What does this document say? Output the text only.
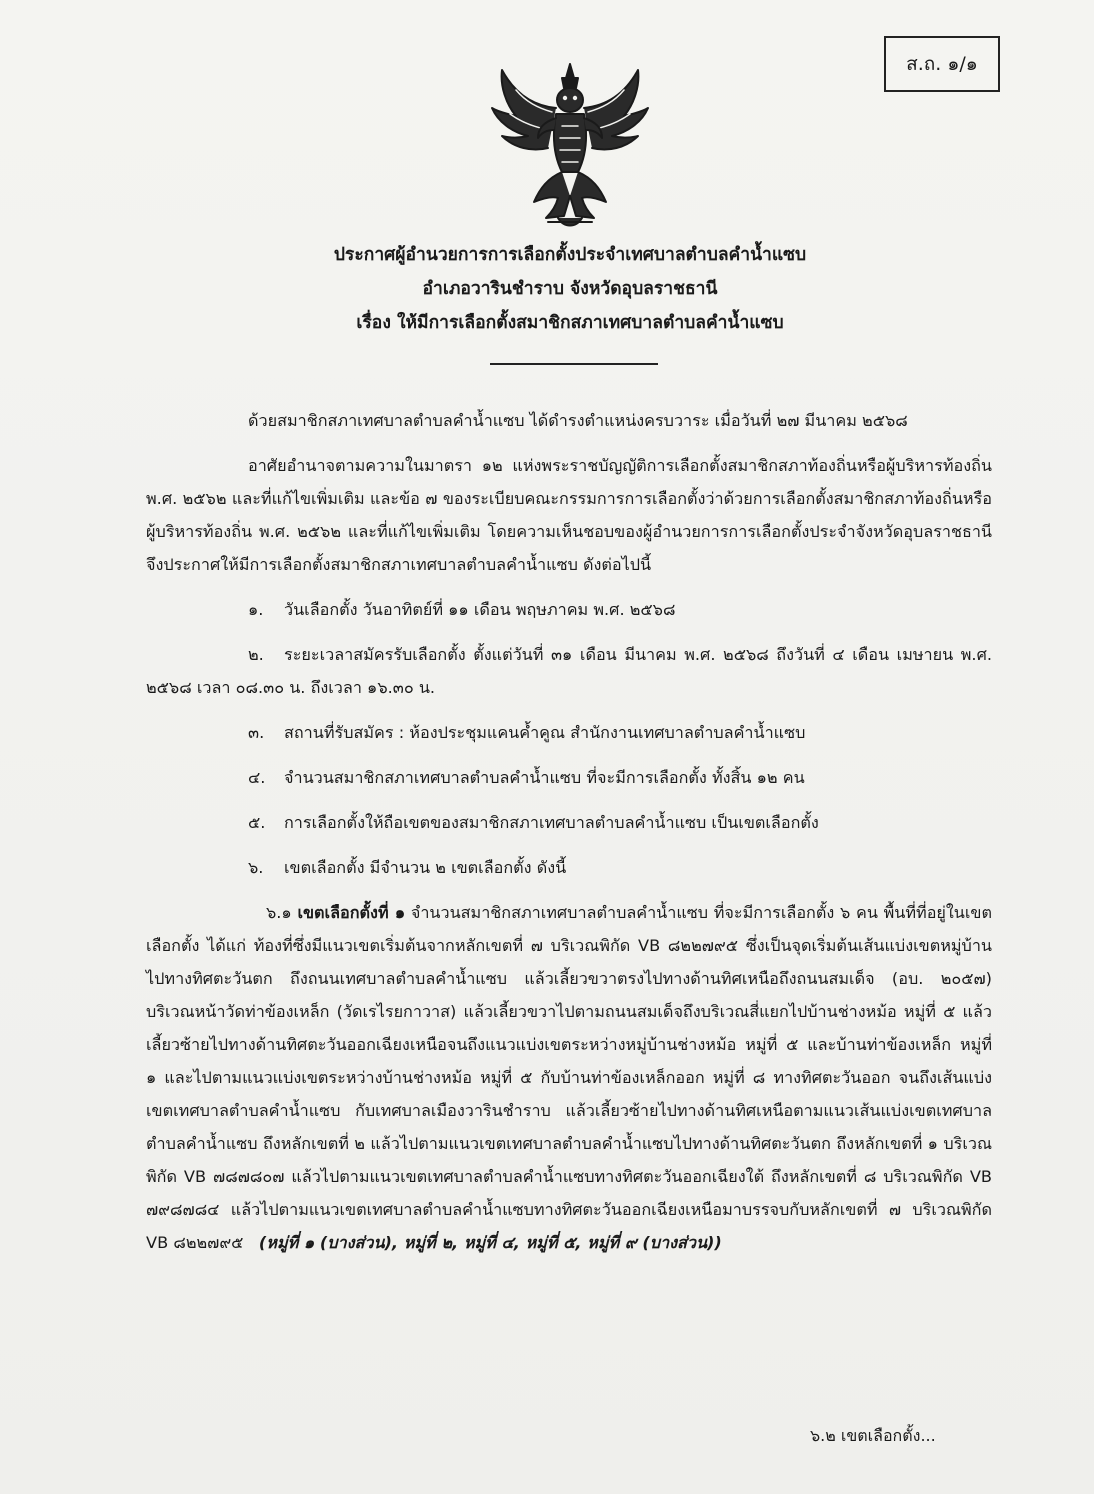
ส.ถ. ๑/๑
ประกาศผู้อำนวยการการเลือกตั้งประจำเทศบาลตำบลคำน้ำแซบ
อำเภอวารินชำราบ จังหวัดอุบลราชธานี
เรื่อง ให้มีการเลือกตั้งสมาชิกสภาเทศบาลตำบลคำน้ำแซบ

ด้วยสมาชิกสภาเทศบาลตำบลคำน้ำแซบ ได้ดำรงตำแหน่งครบวาระ เมื่อวันที่ ๒๗ มีนาคม ๒๕๖๘

อาศัยอำนาจตามความในมาตรา ๑๒ แห่งพระราชบัญญัติการเลือกตั้งสมาชิกสภาท้องถิ่นหรือผู้บริหารท้องถิ่น พ.ศ. ๒๕๖๒ และที่แก้ไขเพิ่มเติม และข้อ ๗ ของระเบียบคณะกรรมการการเลือกตั้งว่าด้วยการเลือกตั้งสมาชิกสภาท้องถิ่นหรือผู้บริหารท้องถิ่น พ.ศ. ๒๕๖๒ และที่แก้ไขเพิ่มเติม โดยความเห็นชอบของผู้อำนวยการการเลือกตั้งประจำจังหวัดอุบลราชธานี จึงประกาศให้มีการเลือกตั้งสมาชิกสภาเทศบาลตำบลคำน้ำแซบ ดังต่อไปนี้

๑. วันเลือกตั้ง วันอาทิตย์ที่ ๑๑ เดือน พฤษภาคม พ.ศ. ๒๕๖๘

๒. ระยะเวลาสมัครรับเลือกตั้ง ตั้งแต่วันที่ ๓๑ เดือน มีนาคม พ.ศ. ๒๕๖๘ ถึงวันที่ ๔ เดือน เมษายน พ.ศ. ๒๕๖๘ เวลา ๐๘.๓๐ น. ถึงเวลา ๑๖.๓๐ น.

๓. สถานที่รับสมัคร : ห้องประชุมแคนค้ำคูณ สำนักงานเทศบาลตำบลคำน้ำแซบ

๔. จำนวนสมาชิกสภาเทศบาลตำบลคำน้ำแซบ ที่จะมีการเลือกตั้ง ทั้งสิ้น ๑๒ คน

๕. การเลือกตั้งให้ถือเขตของสมาชิกสภาเทศบาลตำบลคำน้ำแซบ เป็นเขตเลือกตั้ง

๖. เขตเลือกตั้ง มีจำนวน ๒ เขตเลือกตั้ง ดังนี้

๖.๑ เขตเลือกตั้งที่ ๑ จำนวนสมาชิกสภาเทศบาลตำบลคำน้ำแซบ ที่จะมีการเลือกตั้ง ๖ คน พื้นที่ที่อยู่ในเขตเลือกตั้ง ได้แก่ ท้องที่ซึ่งมีแนวเขตเริ่มต้นจากหลักเขตที่ ๗ บริเวณพิกัด VB ๘๒๒๗๙๕ ซึ่งเป็นจุดเริ่มต้นเส้นแบ่งเขตหมู่บ้านไปทางทิศตะวันตก ถึงถนนเทศบาลตำบลคำน้ำแซบ แล้วเลี้ยวขวาตรงไปทางด้านทิศเหนือถึงถนนสมเด็จ (อบ. ๒๐๕๗) บริเวณหน้าวัดท่าข้องเหล็ก (วัดเรไรยกาวาส) แล้วเลี้ยวขวาไปตามถนนสมเด็จถึงบริเวณสี่แยกไปบ้านช่างหม้อ หมู่ที่ ๕ แล้วเลี้ยวซ้ายไปทางด้านทิศตะวันออกเฉียงเหนือจนถึงแนวแบ่งเขตระหว่างหมู่บ้านช่างหม้อ หมู่ที่ ๕ และบ้านท่าข้องเหล็ก หมู่ที่ ๑ และไปตามแนวแบ่งเขตระหว่างบ้านช่างหม้อ หมู่ที่ ๕ กับบ้านท่าข้องเหล็กออก หมู่ที่ ๘ ทางทิศตะวันออก จนถึงเส้นแบ่งเขตเทศบาลตำบลคำน้ำแซบ กับเทศบาลเมืองวารินชำราบ แล้วเลี้ยวซ้ายไปทางด้านทิศเหนือตามแนวเส้นแบ่งเขตเทศบาลตำบลคำน้ำแซบ ถึงหลักเขตที่ ๒ แล้วไปตามแนวเขตเทศบาลตำบลคำน้ำแซบไปทางด้านทิศตะวันตก ถึงหลักเขตที่ ๑ บริเวณพิกัด VB ๗๘๗๘๐๗ แล้วไปตามแนวเขตเทศบาลตำบลคำน้ำแซบทางทิศตะวันออกเฉียงใต้ ถึงหลักเขตที่ ๘ บริเวณพิกัด VB ๗๙๘๗๘๔ แล้วไปตามแนวเขตเทศบาลตำบลคำน้ำแซบทางทิศตะวันออกเฉียงเหนือมาบรรจบกับหลักเขตที่ ๗ บริเวณพิกัด VB ๘๒๒๗๙๕ (หมู่ที่ ๑ (บางส่วน), หมู่ที่ ๒, หมู่ที่ ๔, หมู่ที่ ๕, หมู่ที่ ๙ (บางส่วน))

๖.๒ เขตเลือกตั้ง...
